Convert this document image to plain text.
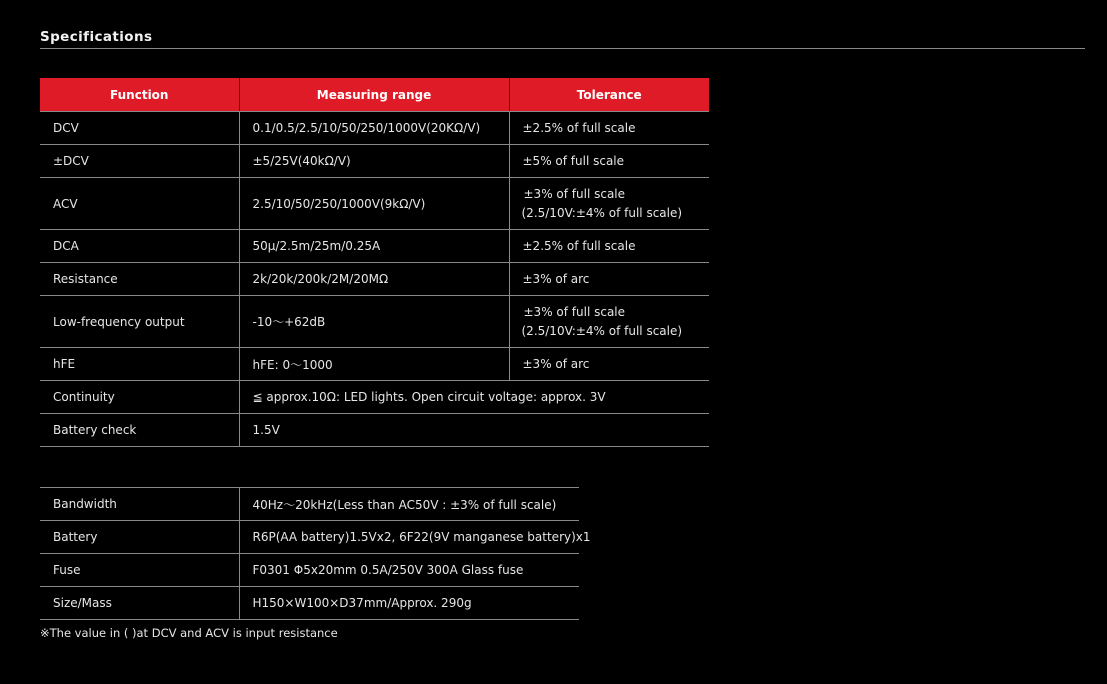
Specifications
Function	Measuring range	Tolerance
DCV	0.1/0.5/2.5/10/50/250/1000V(20KΩ/V)	±2.5% of full scale
±DCV	±5/25V(40kΩ/V)	±5% of full scale
ACV	2.5/10/50/250/1000V(9kΩ/V)	±3% of full scale
(2.5/10V:±4% of full scale)

DCA	50μ/2.5m/25m/0.25A	±2.5% of full scale
Resistance	2k/20k/200k/2M/20MΩ	±3% of arc
Low-frequency output	-10〜+62dB	±3% of full scale
(2.5/10V:±4% of full scale)

hFE	hFE: 0〜1000	±3% of arc
Continuity	≦ approx.10Ω: LED lights. Open circuit voltage: approx. 3V	
Battery check	1.5V	
Bandwidth	40Hz〜20kHz(Less than AC50V : ±3% of full scale)
Battery	R6P(AA battery)1.5Vx2, 6F22(9V manganese battery)x1
Fuse	F0301 Φ5x20mm 0.5A/250V 300A Glass fuse
Size/Mass	H150×W100×D37mm/Approx. 290g
※The value in ( )at DCV and ACV is input resistance
